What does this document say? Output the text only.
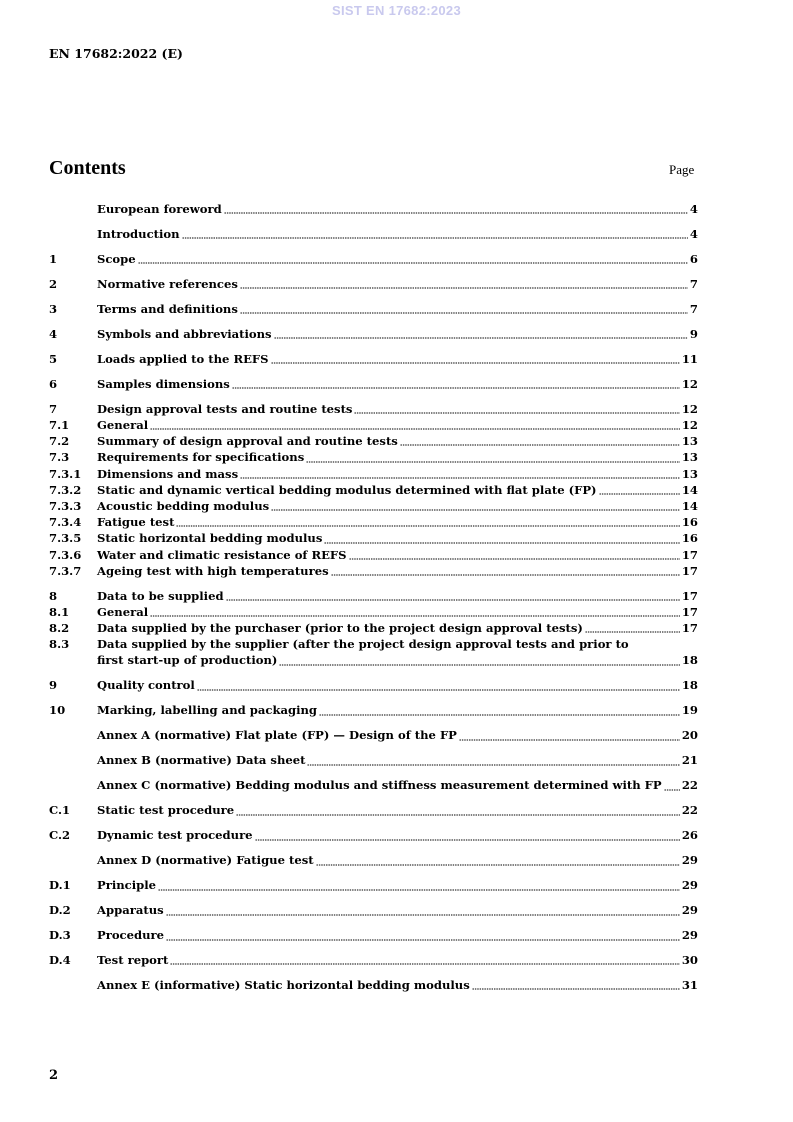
SIST EN 17682:2023
EN 17682:2022 (E)
Contents	Page
European foreword	4
Introduction	4
1	Scope	6
2	Normative references	7
3	Terms and definitions	7
4	Symbols and abbreviations	9
5	Loads applied to the REFS	11
6	Samples dimensions	12
7	Design approval tests and routine tests	12
7.1	General	12
7.2	Summary of design approval and routine tests	13
7.3	Requirements for specifications	13
7.3.1	Dimensions and mass	13
7.3.2	Static and dynamic vertical bedding modulus determined with flat plate (FP)	14
7.3.3	Acoustic bedding modulus	14
7.3.4	Fatigue test	16
7.3.5	Static horizontal bedding modulus	16
7.3.6	Water and climatic resistance of REFS	17
7.3.7	Ageing test with high temperatures	17
8	Data to be supplied	17
8.1	General	17
8.2	Data supplied by the purchaser (prior to the project design approval tests)	17
8.3	Data supplied by the supplier (after the project design approval tests and prior to
first start-up of production)	18
9	Quality control	18
10	Marking, labelling and packaging	19
Annex A (normative) Flat plate (FP) — Design of the FP	20
Annex B (normative) Data sheet	21
Annex C (normative) Bedding modulus and stiffness measurement determined with FP 22
C.1	Static test procedure	22
C.2	Dynamic test procedure	26
Annex D (normative) Fatigue test	29
D.1	Principle	29
D.2	Apparatus	29
D.3	Procedure	29
D.4	Test report	30
Annex E (informative) Static horizontal bedding modulus	31
2
